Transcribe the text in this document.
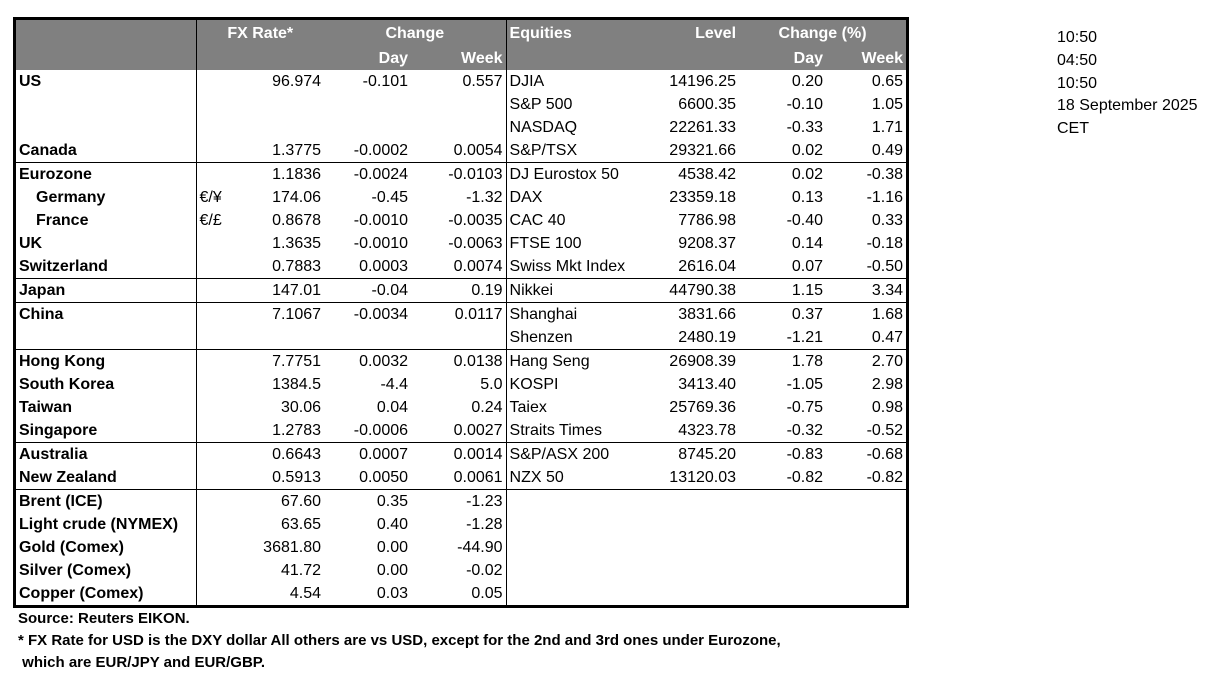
	FX Rate*		Change		Equities	Level	Change (%)	
			Day	Week			Day	Week
US		96.974	-0.101	0.557	DJIA	14196.25	0.20	0.65
					S&P 500	6600.35	-0.10	1.05
					NASDAQ	22261.33	-0.33	1.71
Canada		1.3775	-0.0002	0.0054	S&P/TSX	29321.66	0.02	0.49
Eurozone		1.1836	-0.0024	-0.0103	DJ Eurostox 50	4538.42	0.02	-0.38
Germany	€/¥	174.06	-0.45	-1.32	DAX	23359.18	0.13	-1.16
France	€/£	0.8678	-0.0010	-0.0035	CAC 40	7786.98	-0.40	0.33
UK		1.3635	-0.0010	-0.0063	FTSE 100	9208.37	0.14	-0.18
Switzerland		0.7883	0.0003	0.0074	Swiss Mkt Index	2616.04	0.07	-0.50
Japan		147.01	-0.04	0.19	Nikkei	44790.38	1.15	3.34
China		7.1067	-0.0034	0.0117	Shanghai	3831.66	0.37	1.68
					Shenzen	2480.19	-1.21	0.47
Hong Kong		7.7751	0.0032	0.0138	Hang Seng	26908.39	1.78	2.70
South Korea		1384.5	-4.4	5.0	KOSPI	3413.40	-1.05	2.98
Taiwan		30.06	0.04	0.24	Taiex	25769.36	-0.75	0.98
Singapore		1.2783	-0.0006	0.0027	Straits Times	4323.78	-0.32	-0.52
Australia		0.6643	0.0007	0.0014	S&P/ASX 200	8745.20	-0.83	-0.68
New Zealand		0.5913	0.0050	0.0061	NZX 50	13120.03	-0.82	-0.82
Brent (ICE)		67.60	0.35	-1.23				
Light crude (NYMEX)		63.65	0.40	-1.28				
Gold (Comex)		3681.80	0.00	-44.90				
Silver (Comex)		41.72	0.00	-0.02				
Copper (Comex)		4.54	0.03	0.05				
Source: Reuters EIKON.
* FX Rate for USD is the DXY dollar All others are vs USD, except for the 2nd and 3rd ones under Eurozone,
which are EUR/JPY and EUR/GBP.
10:50
04:50
10:50
18 September 2025
CET
